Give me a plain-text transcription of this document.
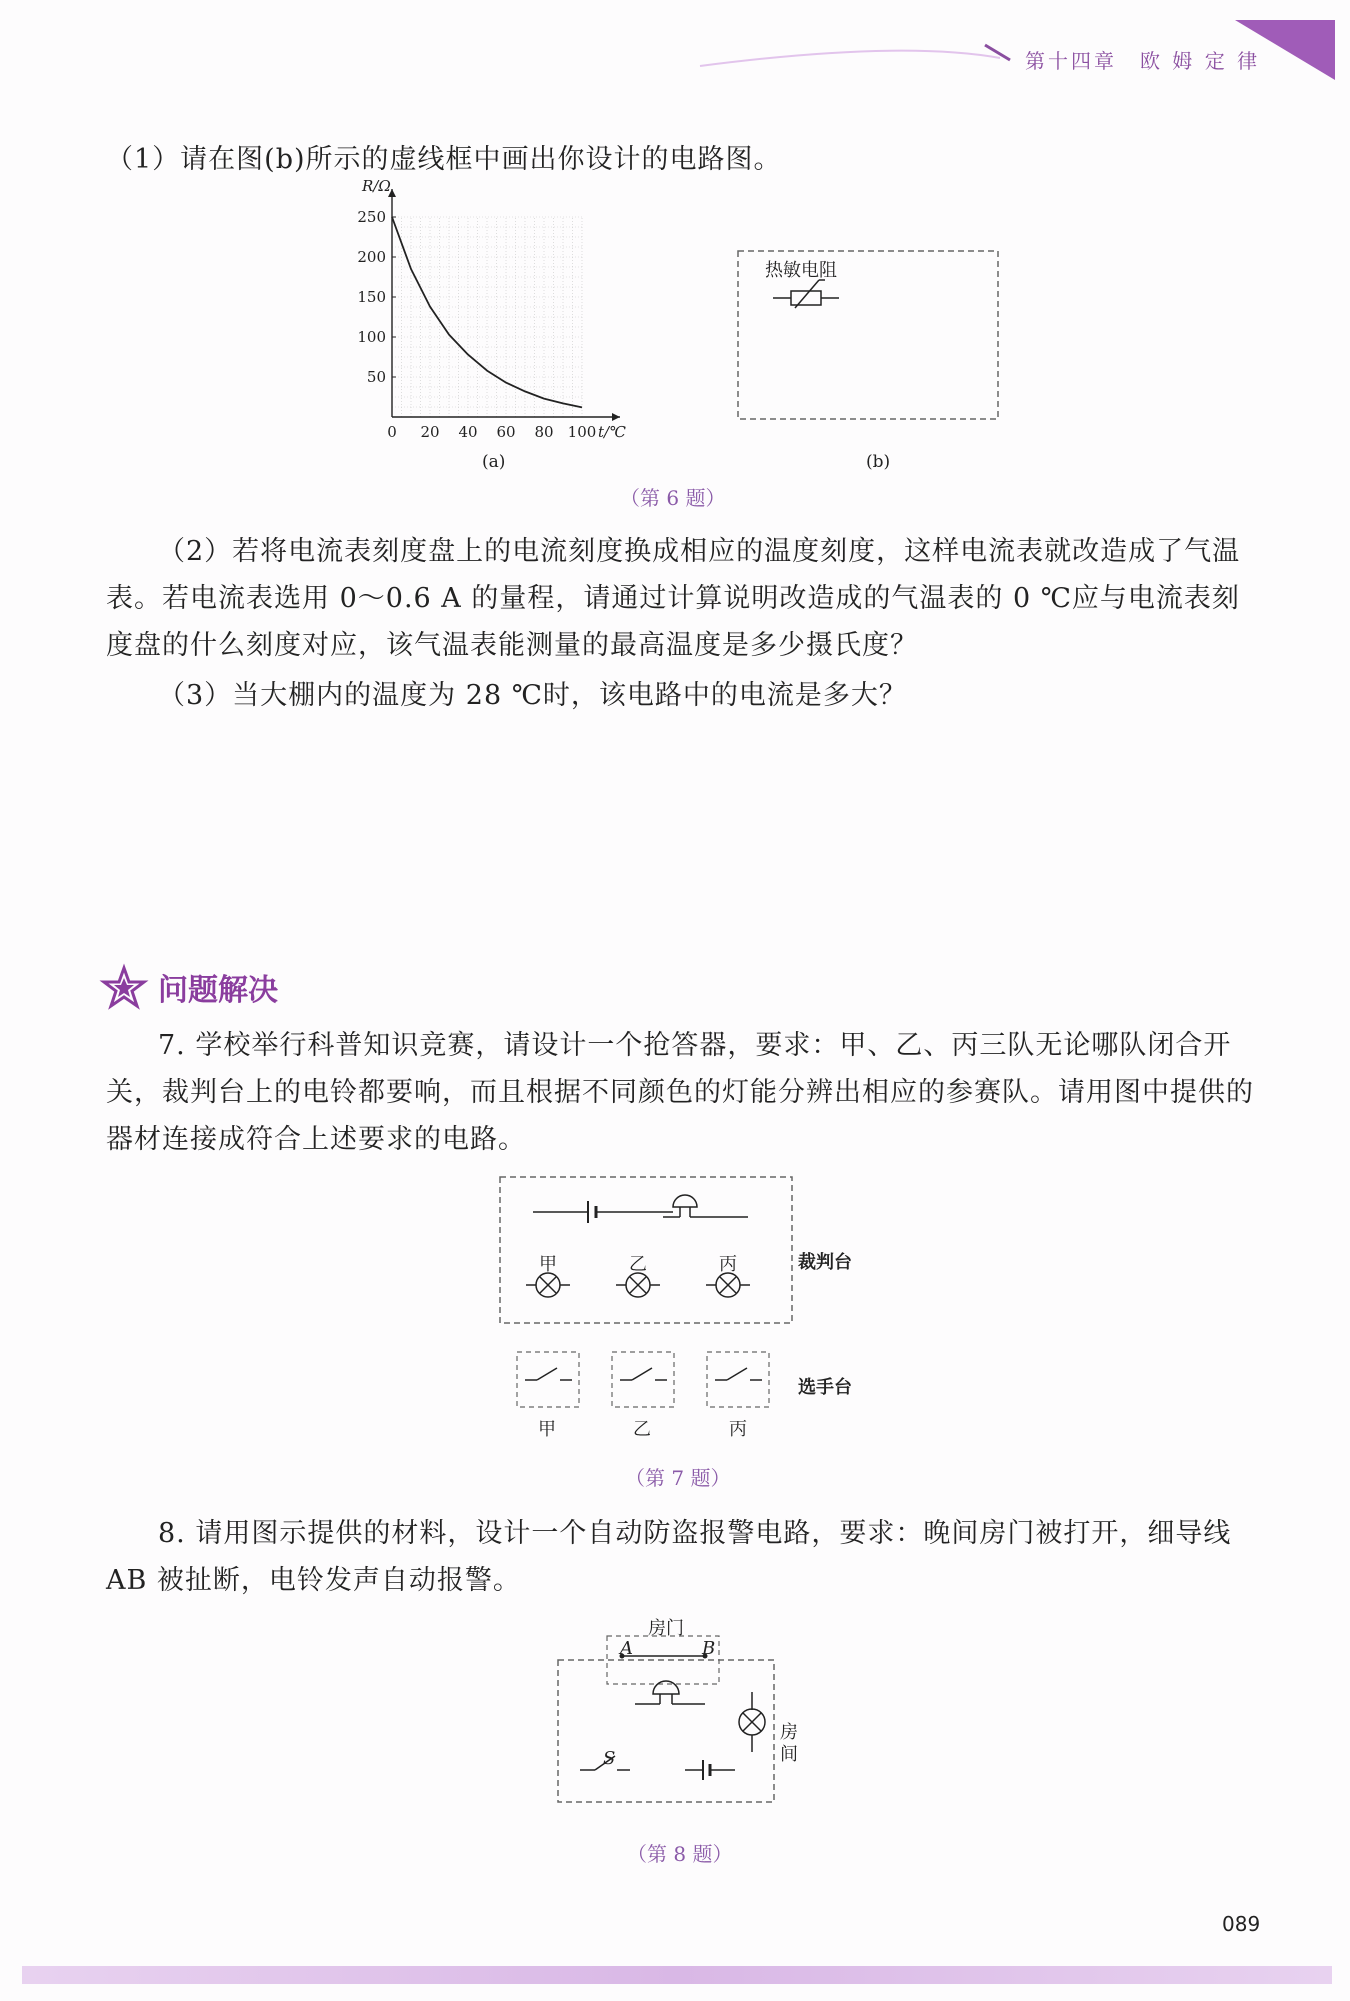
第十四章　欧 姆 定 律
（1）请在图(b)所示的虚线框中画出你设计的电路图。
0 20 40 60 80 100
50
100
150
200
250
t/℃
R/Ω
(a)
热敏电阻
(b)
（第 6 题）
（2）若将电流表刻度盘上的电流刻度换成相应的温度刻度，这样电流表就改造成了气温表。若电流表选用 0～0.6 A 的量程，请通过计算说明改造成的气温表的 0 ℃应与电流表刻度盘的什么刻度对应，该气温表能测量的最高温度是多少摄氏度？
（3）当大棚内的温度为 28 ℃时，该电路中的电流是多大？
问题解决
7. 学校举行科普知识竞赛，请设计一个抢答器，要求：甲、乙、丙三队无论哪队闭合开关，裁判台上的电铃都要响，而且根据不同颜色的灯能分辨出相应的参赛队。请用图中提供的器材连接成符合上述要求的电路。
甲	乙	丙	裁判台
甲	乙	丙
选手台
（第 7 题）
8. 请用图示提供的材料，设计一个自动防盗报警电路，要求：晚间房门被打开，细导线 AB 被扯断，电铃发声自动报警。
房门
A	B
S
房
间
（第 8 题）
089
